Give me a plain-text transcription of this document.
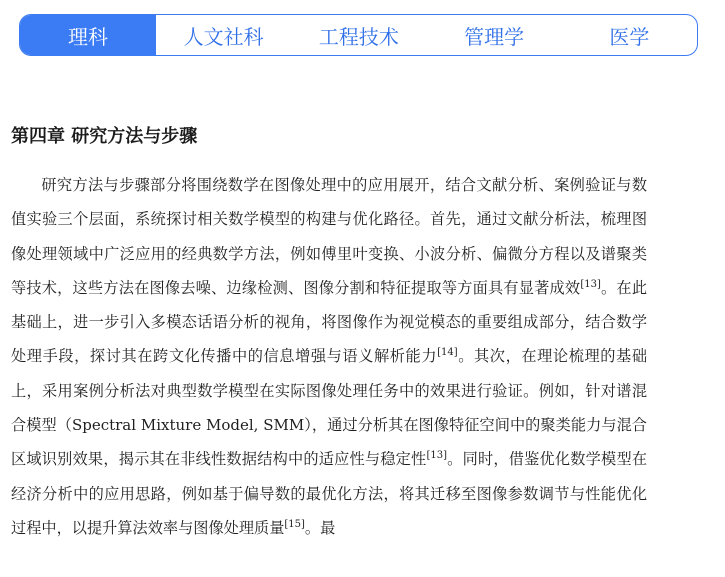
理科	人文社科	工程技术	管理学	医学
第四章 研究方法与步骤

研究方法与步骤部分将围绕数学在图像处理中的应用展开，结合文献分析、案例验证与数值实验三个层面，系统探讨相关数学模型的构建与优化路径。首先，通过文献分析法，梳理图像处理领域中广泛应用的经典数学方法，例如傅里叶变换、小波分析、偏微分方程以及谱聚类等技术，这些方法在图像去噪、边缘检测、图像分割和特征提取等方面具有显著成效[13]。在此基础上，进一步引入多模态话语分析的视角，将图像作为视觉模态的重要组成部分，结合数学处理手段，探讨其在跨文化传播中的信息增强与语义解析能力[14]。其次，在理论梳理的基础上，采用案例分析法对典型数学模型在实际图像处理任务中的效果进行验证。例如，针对谱混合模型（Spectral Mixture Model, SMM），通过分析其在图像特征空间中的聚类能力与混合区域识别效果，揭示其在非线性数据结构中的适应性与稳定性[13]。同时，借鉴优化数学模型在经济分析中的应用思路，例如基于偏导数的最优化方法，将其迁移至图像参数调节与性能优化过程中，以提升算法效率与图像处理质量[15]。最
